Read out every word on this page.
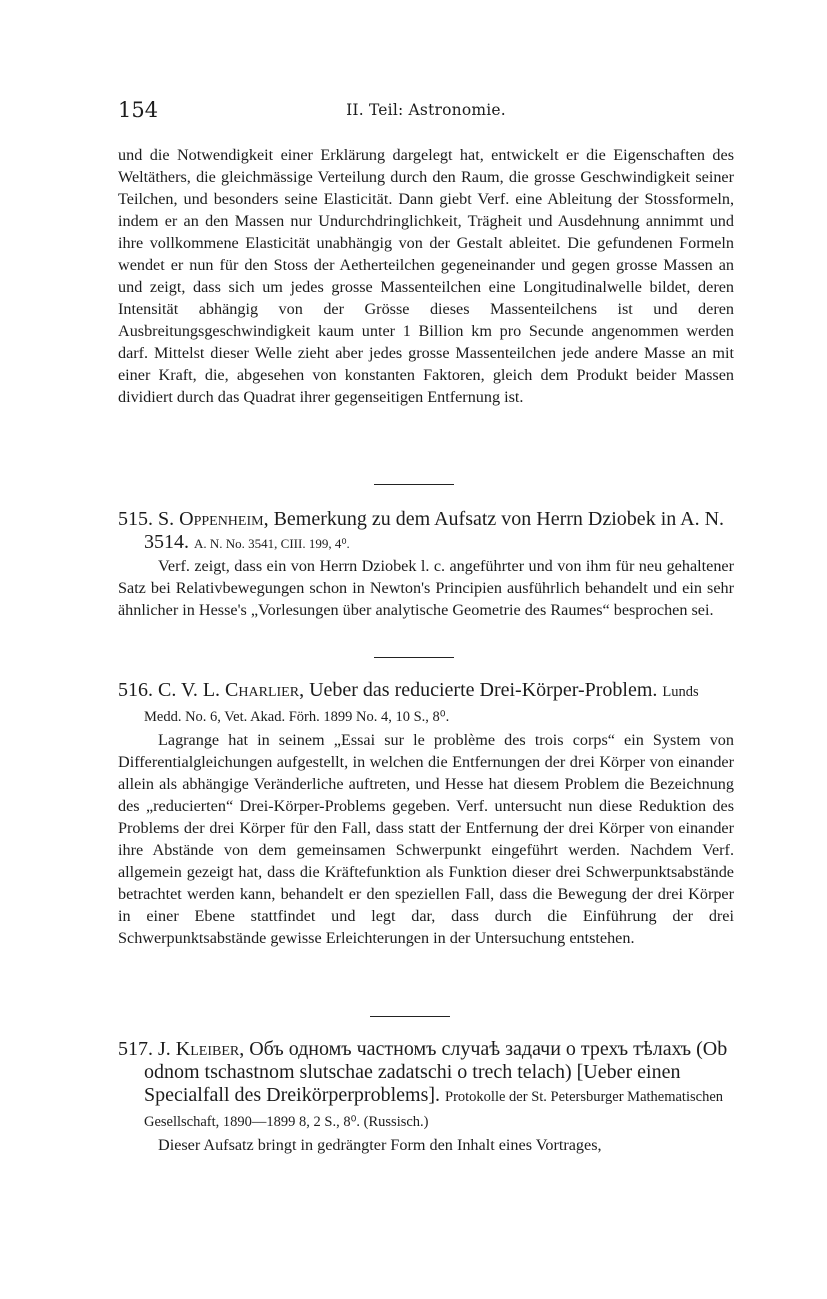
154	II. Teil: Astronomie.

und die Notwendigkeit einer Erklärung dargelegt hat, entwickelt er die Eigenschaften des Weltäthers, die gleichmässige Verteilung durch den Raum, die grosse Geschwindigkeit seiner Teilchen, und besonders seine Elasticität. Dann giebt Verf. eine Ableitung der Stossformeln, indem er an den Massen nur Undurchdringlichkeit, Trägheit und Ausdehnung annimmt und ihre vollkommene Elasticität unabhängig von der Gestalt ableitet. Die gefundenen Formeln wendet er nun für den Stoss der Aetherteilchen gegeneinander und gegen grosse Massen an und zeigt, dass sich um jedes grosse Massenteilchen eine Longitudinalwelle bildet, deren Intensität abhängig von der Grösse dieses Massenteilchens ist und deren Ausbreitungsgeschwindigkeit kaum unter 1 Billion km pro Secunde angenommen werden darf. Mittelst dieser Welle zieht aber jedes grosse Massenteilchen jede andere Masse an mit einer Kraft, die, abgesehen von konstanten Faktoren, gleich dem Produkt beider Massen dividiert durch das Quadrat ihrer gegenseitigen Entfernung ist.

515. S. Oppenheim, Bemerkung zu dem Aufsatz von Herrn Dziobek in A. N. 3514. A. N. No. 3541, CIII. 199, 4⁰.

Verf. zeigt, dass ein von Herrn Dziobek l. c. angeführter und von ihm für neu gehaltener Satz bei Relativbewegungen schon in Newton's Principien ausführlich behandelt und ein sehr ähnlicher in Hesse's „Vorlesungen über analytische Geometrie des Raumes“ besprochen sei.

516. C. V. L. Charlier, Ueber das reducierte Drei-Körper-Problem. Lunds Medd. No. 6, Vet. Akad. Förh. 1899 No. 4, 10 S., 8⁰.

Lagrange hat in seinem „Essai sur le problème des trois corps“ ein System von Differentialgleichungen aufgestellt, in welchen die Entfernungen der drei Körper von einander allein als abhängige Veränderliche auftreten, und Hesse hat diesem Problem die Bezeichnung des „reducierten“ Drei-Körper-Problems gegeben. Verf. untersucht nun diese Reduktion des Problems der drei Körper für den Fall, dass statt der Entfernung der drei Körper von einander ihre Abstände von dem gemeinsamen Schwerpunkt eingeführt werden. Nachdem Verf. allgemein gezeigt hat, dass die Kräftefunktion als Funktion dieser drei Schwerpunktsabstände betrachtet werden kann, behandelt er den speziellen Fall, dass die Bewegung der drei Körper in einer Ebene stattfindet und legt dar, dass durch die Einführung der drei Schwerpunktsabstände gewisse Erleichterungen in der Untersuchung entstehen.

517. J. Kleiber, Объ одномъ частномъ случаѣ задачи о трехъ тѣлахъ (Ob odnom tschastnom slutschae zadatschi o trech telach) [Ueber einen Specialfall des Dreikörperproblems]. Protokolle der St. Petersburger Mathematischen Gesellschaft, 1890—1899 8, 2 S., 8⁰. (Russisch.)

Dieser Aufsatz bringt in gedrängter Form den Inhalt eines Vortrages,
